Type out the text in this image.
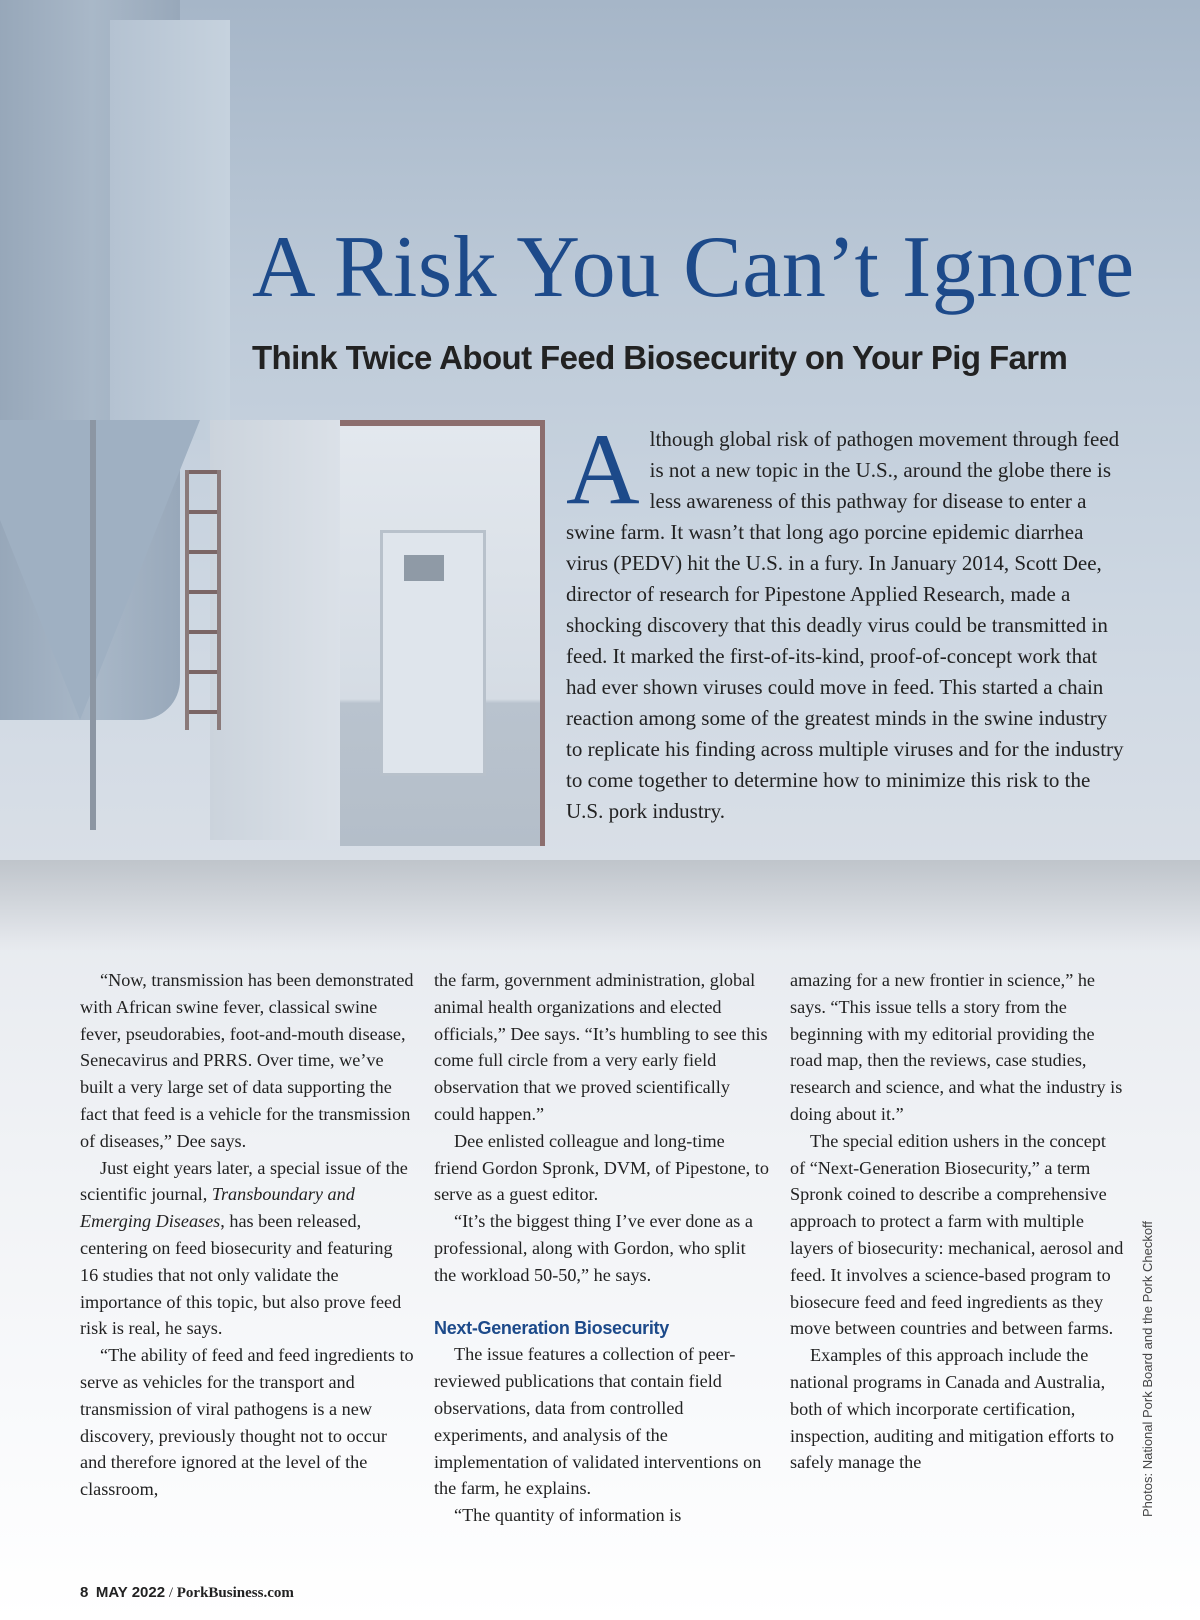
A Risk You Can’t Ignore
Think Twice About Feed Biosecurity on Your Pig Farm

Although global risk of pathogen movement through feed is not a new topic in the U.S., around the globe there is less awareness of this pathway for disease to enter a swine farm. It wasn’t that long ago porcine epidemic diarrhea virus (PEDV) hit the U.S. in a fury. In January 2014, Scott Dee, director of research for Pipestone Applied Research, made a shocking discovery that this deadly virus could be transmitted in feed. It marked the first-of-its-kind, proof-of-concept work that had ever shown viruses could move in feed. This started a chain reaction among some of the greatest minds in the swine industry to replicate his finding across multiple viruses and for the industry to come together to determine how to minimize this risk to the U.S. pork industry.

“Now, transmission has been demonstrated with African swine fever, classical swine fever, pseudorabies, foot-and-mouth disease, Senecavirus and PRRS. Over time, we’ve built a very large set of data supporting the fact that feed is a vehicle for the transmission of diseases,” Dee says.

Just eight years later, a special issue of the scientific journal, Transboundary and Emerging Diseases, has been released, centering on feed biosecurity and featuring 16 studies that not only validate the importance of this topic, but also prove feed risk is real, he says.

“The ability of feed and feed ingredients to serve as vehicles for the transport and transmission of viral pathogens is a new discovery, previously thought not to occur and therefore ignored at the level of the classroom,

the farm, government administration, global animal health organizations and elected officials,” Dee says. “It’s humbling to see this come full circle from a very early field observation that we proved scientifically could happen.”

Dee enlisted colleague and long-time friend Gordon Spronk, DVM, of Pipestone, to serve as a guest editor.

“It’s the biggest thing I’ve ever done as a professional, along with Gordon, who split the workload 50-50,” he says.

Next-Generation Biosecurity

The issue features a collection of peer-reviewed publications that contain field observations, data from controlled experiments, and analysis of the implementation of validated interventions on the farm, he explains.

“The quantity of information is

amazing for a new frontier in science,” he says. “This issue tells a story from the beginning with my editorial providing the road map, then the reviews, case studies, research and science, and what the industry is doing about it.”

The special edition ushers in the concept of “Next-Generation Biosecurity,” a term Spronk coined to describe a comprehensive approach to protect a farm with multiple layers of biosecurity: mechanical, aerosol and feed. It involves a science-based program to biosecure feed and feed ingredients as they move between countries and between farms.

Examples of this approach include the national programs in Canada and Australia, both of which incorporate certification, inspection, auditing and mitigation efforts to safely manage the	Photos: National Pork Board and the Pork Checkoff
8 MAY 2022 / PorkBusiness.com
